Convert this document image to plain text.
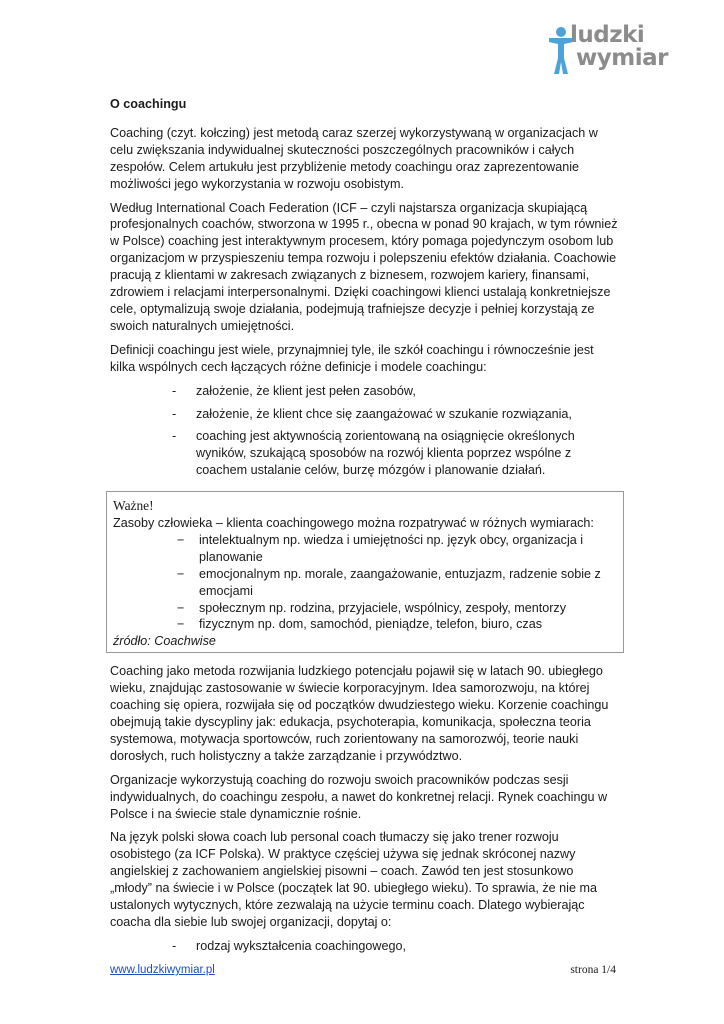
ludzki
wymiar
O coachingu

Coaching (czyt. kołczing) jest metodą caraz szerzej wykorzystywaną w organizacjach w celu zwiększania indywidualnej skuteczności poszczególnych pracowników i całych zespołów. Celem artukułu jest przybliżenie metody coachingu oraz zaprezentowanie możliwości jego wykorzystania w rozwoju osobistym.

Według International Coach Federation (ICF – czyli najstarsza organizacja skupiającą profesjonalnych coachów, stworzona w 1995 r., obecna w ponad 90 krajach, w tym również w Polsce) coaching jest interaktywnym procesem, który pomaga pojedynczym osobom lub organizacjom w przyspieszeniu tempa rozwoju i polepszeniu efektów działania. Coachowie pracują z klientami w zakresach związanych z biznesem, rozwojem kariery, finansami, zdrowiem i relacjami interpersonalnymi. Dzięki coachingowi klienci ustalają konkretniejsze cele, optymalizują swoje działania, podejmują trafniejsze decyzje i pełniej korzystają ze swoich naturalnych umiejętności.

Definicji coachingu jest wiele, przynajmniej tyle, ile szkół coachingu i równocześnie jest kilka wspólnych cech łączących różne definicje i modele coachingu:

- założenie, że klient jest pełen zasobów,
- założenie, że klient chce się zaangażować w szukanie rozwiązania,
- coaching jest aktywnością zorientowaną na osiągnięcie określonych wyników, szukającą sposobów na rozwój klienta poprzez wspólne z coachem ustalanie celów, burzę mózgów i planowanie działań.
Ważne!
Zasoby człowieka – klienta coachingowego można rozpatrywać w różnych wymiarach:
− intelektualnym np. wiedza i umiejętności np. język obcy, organizacja i planowanie
− emocjonalnym np. morale, zaangażowanie, entuzjazm, radzenie sobie z emocjami
− społecznym np. rodzina, przyjaciele, wspólnicy, zespoły, mentorzy
− fizycznym np. dom, samochód, pieniądze, telefon, biuro, czas
źródło: Coachwise

Coaching jako metoda rozwijania ludzkiego potencjału pojawił się w latach 90. ubiegłego wieku, znajdując zastosowanie w świecie korporacyjnym. Idea samorozwoju, na której coaching się opiera, rozwijała się od początków dwudziestego wieku. Korzenie coachingu obejmują takie dyscypliny jak: edukacja, psychoterapia, komunikacja, społeczna teoria systemowa, motywacja sportowców, ruch zorientowany na samorozwój, teorie nauki dorosłych, ruch holistyczny a także zarządzanie i przywództwo.

Organizacje wykorzystują coaching do rozwoju swoich pracowników podczas sesji indywidualnych, do coachingu zespołu, a nawet do konkretnej relacji. Rynek coachingu w Polsce i na świecie stale dynamicznie rośnie.

Na język polski słowa coach lub personal coach tłumaczy się jako trener rozwoju osobistego (za ICF Polska). W praktyce częściej używa się jednak skróconej nazwy angielskiej z zachowaniem angielskiej pisowni – coach. Zawód ten jest stosunkowo „młody” na świecie i w Polsce (początek lat 90. ubiegłego wieku). To sprawia, że nie ma ustalonych wytycznych, które zezwalają na użycie terminu coach. Dlatego wybierając coacha dla siebie lub swojej organizacji, dopytaj o:

- rodzaj wykształcenia coachingowego,
www.ludzkiwymiar.pl	strona 1/4
